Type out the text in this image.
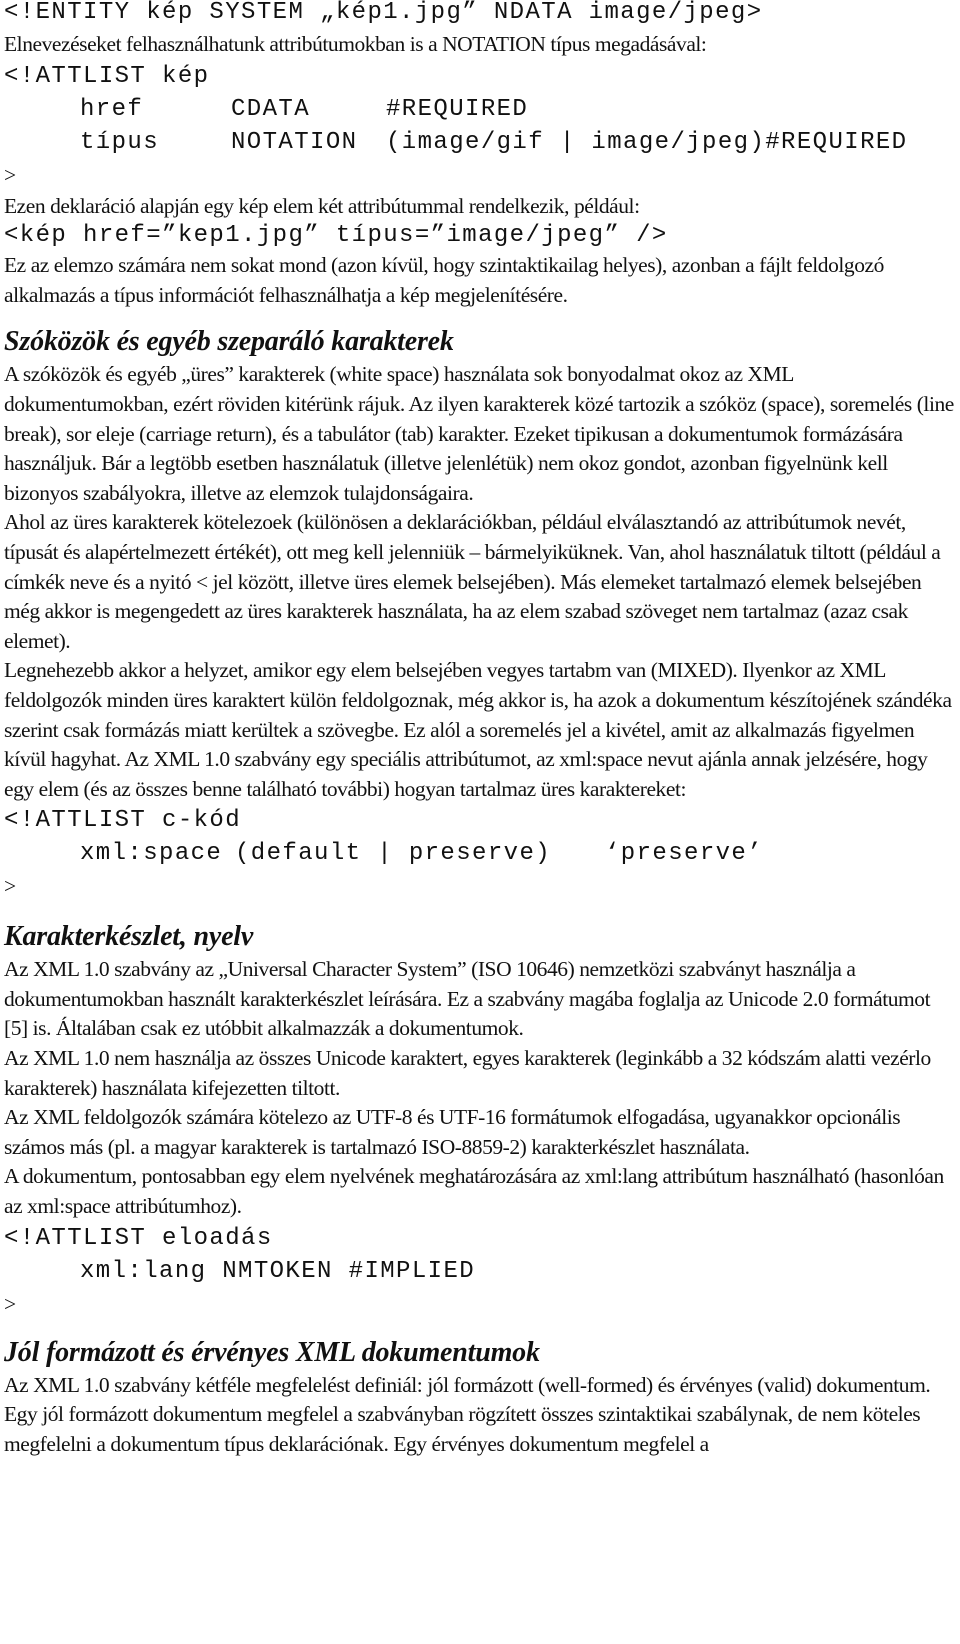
<!ENTITY kép SYSTEM „kép1.jpg” NDATA image/jpeg>

Elnevezéseket felhasználhatunk attribútumokban is a NOTATION típus megadásával:

<!ATTLIST kép
href	CDATA	#REQUIRED
típus	NOTATION (image/gif | image/jpeg)#REQUIRED
>

Ezen deklaráció alapján egy kép elem két attribútummal rendelkezik, például:

<kép href=”kep1.jpg” típus=”image/jpeg” />

Ez az elemzo számára nem sokat mond (azon kívül, hogy szintaktikailag helyes), azonban a fájlt feldolgozó alkalmazás a típus információt felhasználhatja a kép megjelenítésére.

Szóközök és egyéb szeparáló karakterek

A szóközök és egyéb „üres” karakterek (white space) használata sok bonyodalmat okoz az XML dokumentumokban, ezért röviden kitérünk rájuk. Az ilyen karakterek közé tartozik a szóköz (space), soremelés (line break), sor eleje (carriage return), és a tabulátor (tab) karakter. Ezeket tipikusan a dokumentumok formázására használjuk. Bár a legtöbb esetben használatuk (illetve jelenlétük) nem okoz gondot, azonban figyelnünk kell bizonyos szabályokra, illetve az elemzok tulajdonságaira.

Ahol az üres karakterek kötelezoek (különösen a deklarációkban, például elválasztandó az attribútumok nevét, típusát és alapértelmezett értékét), ott meg kell jelenniük – bármelyiküknek. Van, ahol használatuk tiltott (például a címkék neve és a nyitó < jel között, illetve üres elemek belsejében). Más elemeket tartalmazó elemek belsejében még akkor is megengedett az üres karakterek használata, ha az elem szabad szöveget nem tartalmaz (azaz csak elemet).

Legnehezebb akkor a helyzet, amikor egy elem belsejében vegyes tartabm van (MIXED). Ilyenkor az XML feldolgozók minden üres karaktert külön feldolgoznak, még akkor is, ha azok a dokumentum készítojének szándéka szerint csak formázás miatt kerültek a szövegbe. Ez alól a soremelés jel a kivétel, amit az alkalmazás figyelmen kívül hagyhat. Az XML 1.0 szabvány egy speciális attribútumot, az xml:space nevut ajánla annak jelzésére, hogy egy elem (és az összes benne található további) hogyan tartalmaz üres karaktereket:

<!ATTLIST c-kód
xml:space (default | preserve) ‘preserve’
>
Karakterkészlet, nyelv

Az XML 1.0 szabvány az „Universal Character System” (ISO 10646) nemzetközi szabványt használja a dokumentumokban használt karakterkészlet leírására. Ez a szabvány magába foglalja az Unicode 2.0 formátumot [5] is. Általában csak ez utóbbit alkalmazzák a dokumentumok.

Az XML 1.0 nem használja az összes Unicode karaktert, egyes karakterek (leginkább a 32 kódszám alatti vezérlo karakterek) használata kifejezetten tiltott.

Az XML feldolgozók számára kötelezo az UTF-8 és UTF-16 formátumok elfogadása, ugyanakkor opcionális számos más (pl. a magyar karakterek is tartalmazó ISO-8859-2) karakterkészlet használata.

A dokumentum, pontosabban egy elem nyelvének meghatározására az xml:lang attribútum használható (hasonlóan az xml:space attribútumhoz).

<!ATTLIST eloadás
xml:lang NMTOKEN #IMPLIED
>
Jól formázott és érvényes XML dokumentumok

Az XML 1.0 szabvány kétféle megfelelést definiál: jól formázott (well-formed) és érvényes (valid) dokumentum.

Egy jól formázott dokumentum megfelel a szabványban rögzített összes szintaktikai szabálynak, de nem köteles megfelelni a dokumentum típus deklarációnak. Egy érvényes dokumentum megfelel a
